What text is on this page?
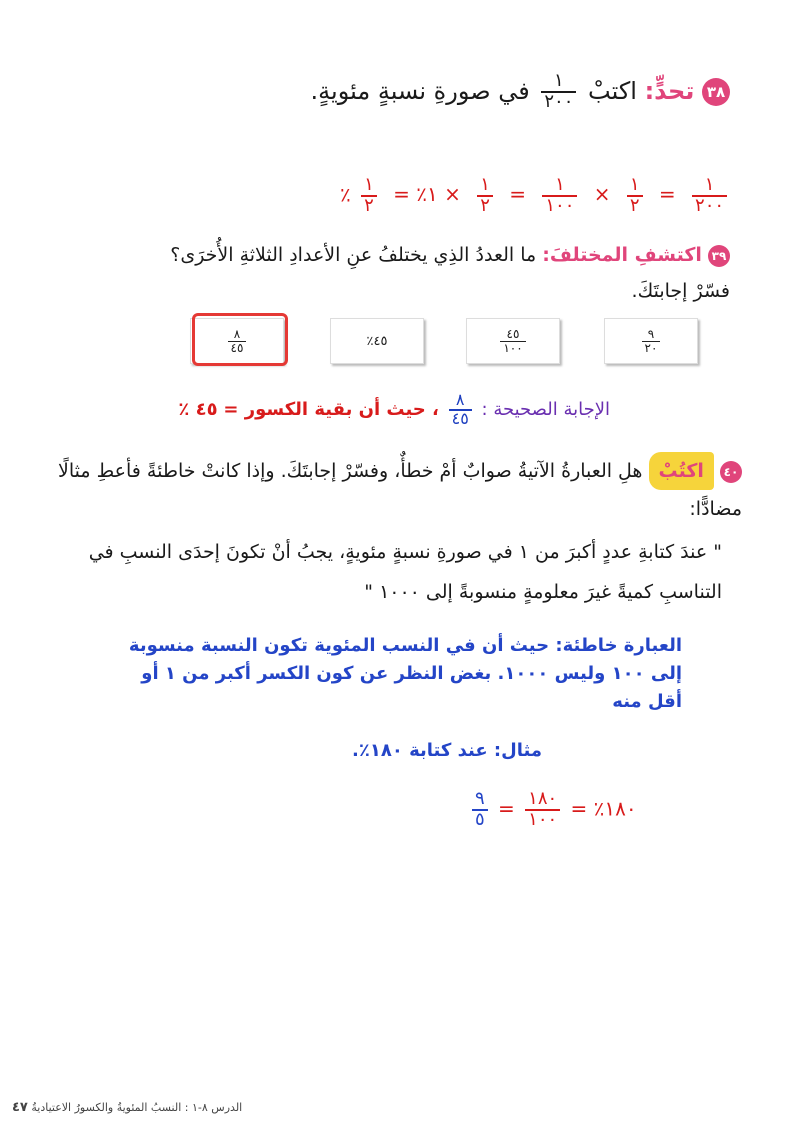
٣٨ تحدٍّ: اكتبْ
$\frac{١}{٢٠٠}$
في صورةِ نسبةٍ مئويةٍ.
٪ $\frac{١}{٢}$ = ٪١ × $\frac{١}{٢} = \frac{١}{١٠٠} \times \frac{١}{٢} = \frac{١}{٢٠٠}$
٣٩ اكتشفِ المختلفَ: ما العددُ الذِي يختلفُ عنِ الأعدادِ الثلاثةِ الأُخرَى؟
فسّرْ إجابتَكَ.
$\frac{٨}{٤٥}$	٪٤٥	$\frac{٤٥}{١٠٠}$	$\frac{٩}{٢٠}$
الإجابة الصحيحة :
$\frac{٨}{٤٥}$
، حيث أن بقية الكسور = ٤٥ ٪
٤٠ اكتُبْ هلِ العبارةُ الآتيةُ صوابٌ أمْ خطأٌ، وفسّرْ إجابتَكَ. وإذا كانتْ خاطئةً فأعطِ مثالًا مضادًّا:
" عندَ كتابةِ عددٍ أكبرَ من ١ في صورةِ نسبةٍ مئويةٍ، يجبُ أنْ تكونَ إحدَى النسبِ في التناسبِ كميةً غيرَ معلومةٍ منسوبةً إلى ١٠٠٠ "
العبارة خاطئة: حيث أن في النسب المئوية تكون النسبة منسوبة إلى ١٠٠ وليس ١٠٠٠. بغض النظر عن كون الكسر أكبر من ١ أو أقل منه
مثال: عند كتابة ١٨٠٪.
$\frac{٩}{٥} = \frac{١٨٠}{١٠٠}$ = ٪١٨٠
الدرس ٨-١ : النسبُ المئويةُ والكسورُ الاعتياديةُ ٤٧
